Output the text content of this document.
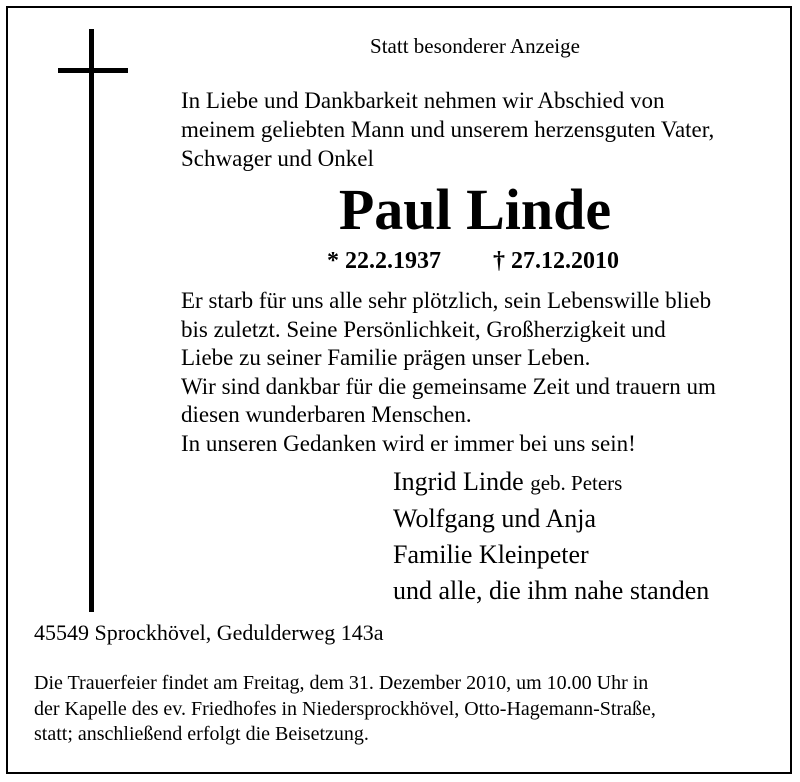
Statt besonderer Anzeige
In Liebe und Dankbarkeit nehmen wir Abschied von
meinem geliebten Mann und unserem herzensguten Vater,
Schwager und Onkel
Paul Linde
* 22.2.1937 † 27.12.2010
Er starb für uns alle sehr plötzlich, sein Lebenswille blieb
bis zuletzt. Seine Persönlichkeit, Großherzigkeit und
Liebe zu seiner Familie prägen unser Leben.
Wir sind dankbar für die gemeinsame Zeit und trauern um
diesen wunderbaren Menschen.
In unseren Gedanken wird er immer bei uns sein!
Ingrid Linde geb. Peters
Wolfgang und Anja
Familie Kleinpeter
und alle, die ihm nahe standen
45549 Sprockhövel, Gedulderweg 143a
Die Trauerfeier findet am Freitag, dem 31. Dezember 2010, um 10.00 Uhr in
der Kapelle des ev. Friedhofes in Niedersprockhövel, Otto-Hagemann-Straße,
statt; anschließend erfolgt die Beisetzung.
